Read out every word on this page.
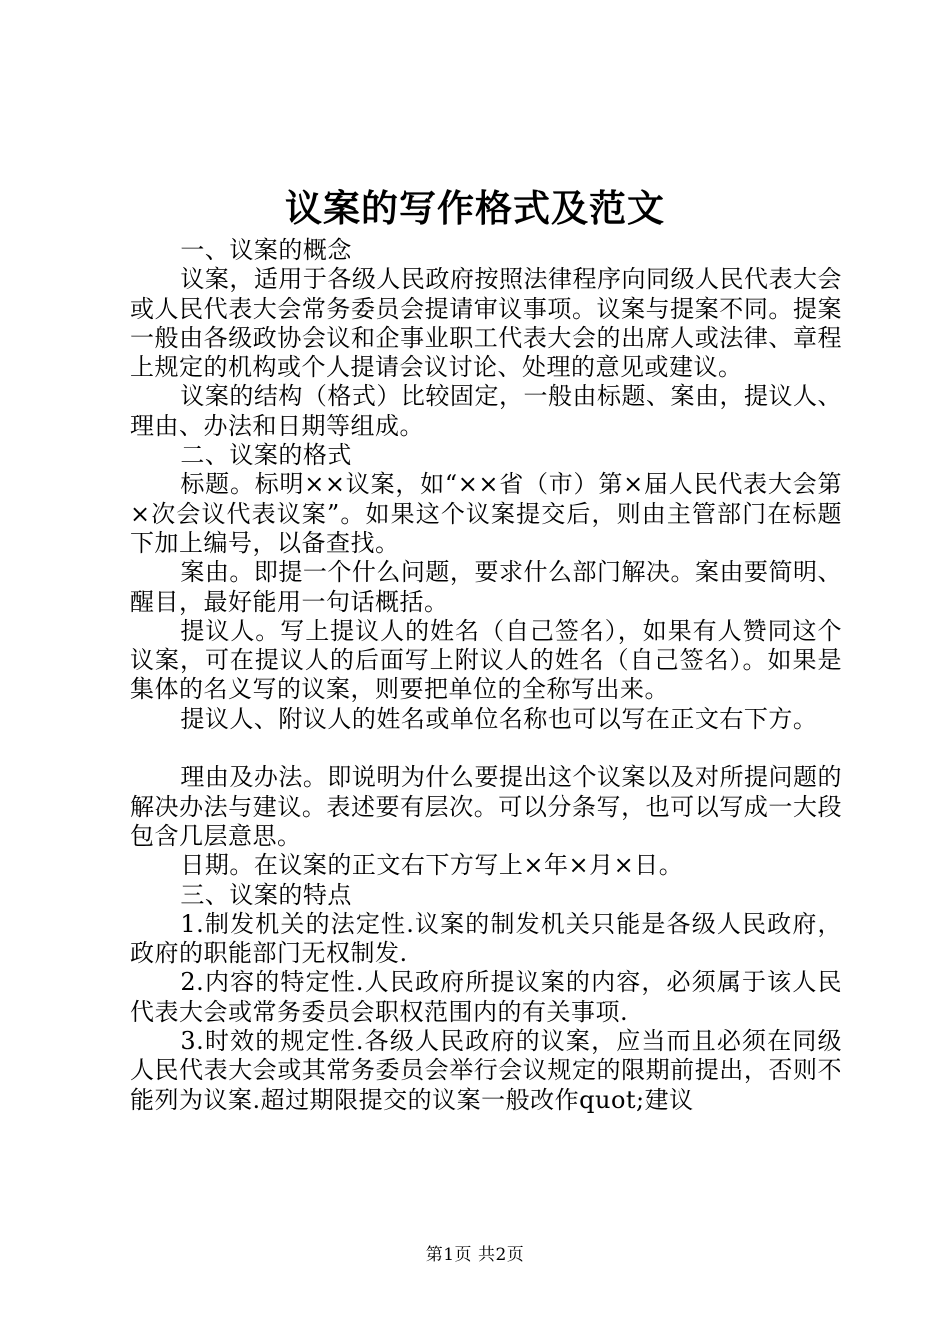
议案的写作格式及范文

一、议案的概念

议案，适用于各级人民政府按照法律程序向同级人民代表大会或人民代表大会常务委员会提请审议事项。议案与提案不同。提案一般由各级政协会议和企事业职工代表大会的出席人或法律、章程上规定的机构或个人提请会议讨论、处理的意见或建议。

议案的结构（格式）比较固定，一般由标题、案由，提议人、理由、办法和日期等组成。

二、议案的格式

标题。标明××议案，如“××省（市）第×届人民代表大会第×次会议代表议案”。如果这个议案提交后，则由主管部门在标题下加上编号，以备查找。

案由。即提一个什么问题，要求什么部门解决。案由要简明、醒目，最好能用一句话概括。

提议人。写上提议人的姓名（自己签名），如果有人赞同这个议案，可在提议人的后面写上附议人的姓名（自己签名）。如果是集体的名义写的议案，则要把单位的全称写出来。

提议人、附议人的姓名或单位名称也可以写在正文右下方。

理由及办法。即说明为什么要提出这个议案以及对所提问题的解决办法与建议。表述要有层次。可以分条写，也可以写成一大段包含几层意思。

日期。在议案的正文右下方写上×年×月×日。

三、议案的特点

1.制发机关的法定性.议案的制发机关只能是各级人民政府，政府的职能部门无权制发.

2.内容的特定性.人民政府所提议案的内容，必须属于该人民代表大会或常务委员会职权范围内的有关事项.

3.时效的规定性.各级人民政府的议案，应当而且必须在同级人民代表大会或其常务委员会举行会议规定的限期前提出，否则不能列为议案.超过期限提交的议案一般改作quot;建议

第1页 共2页
